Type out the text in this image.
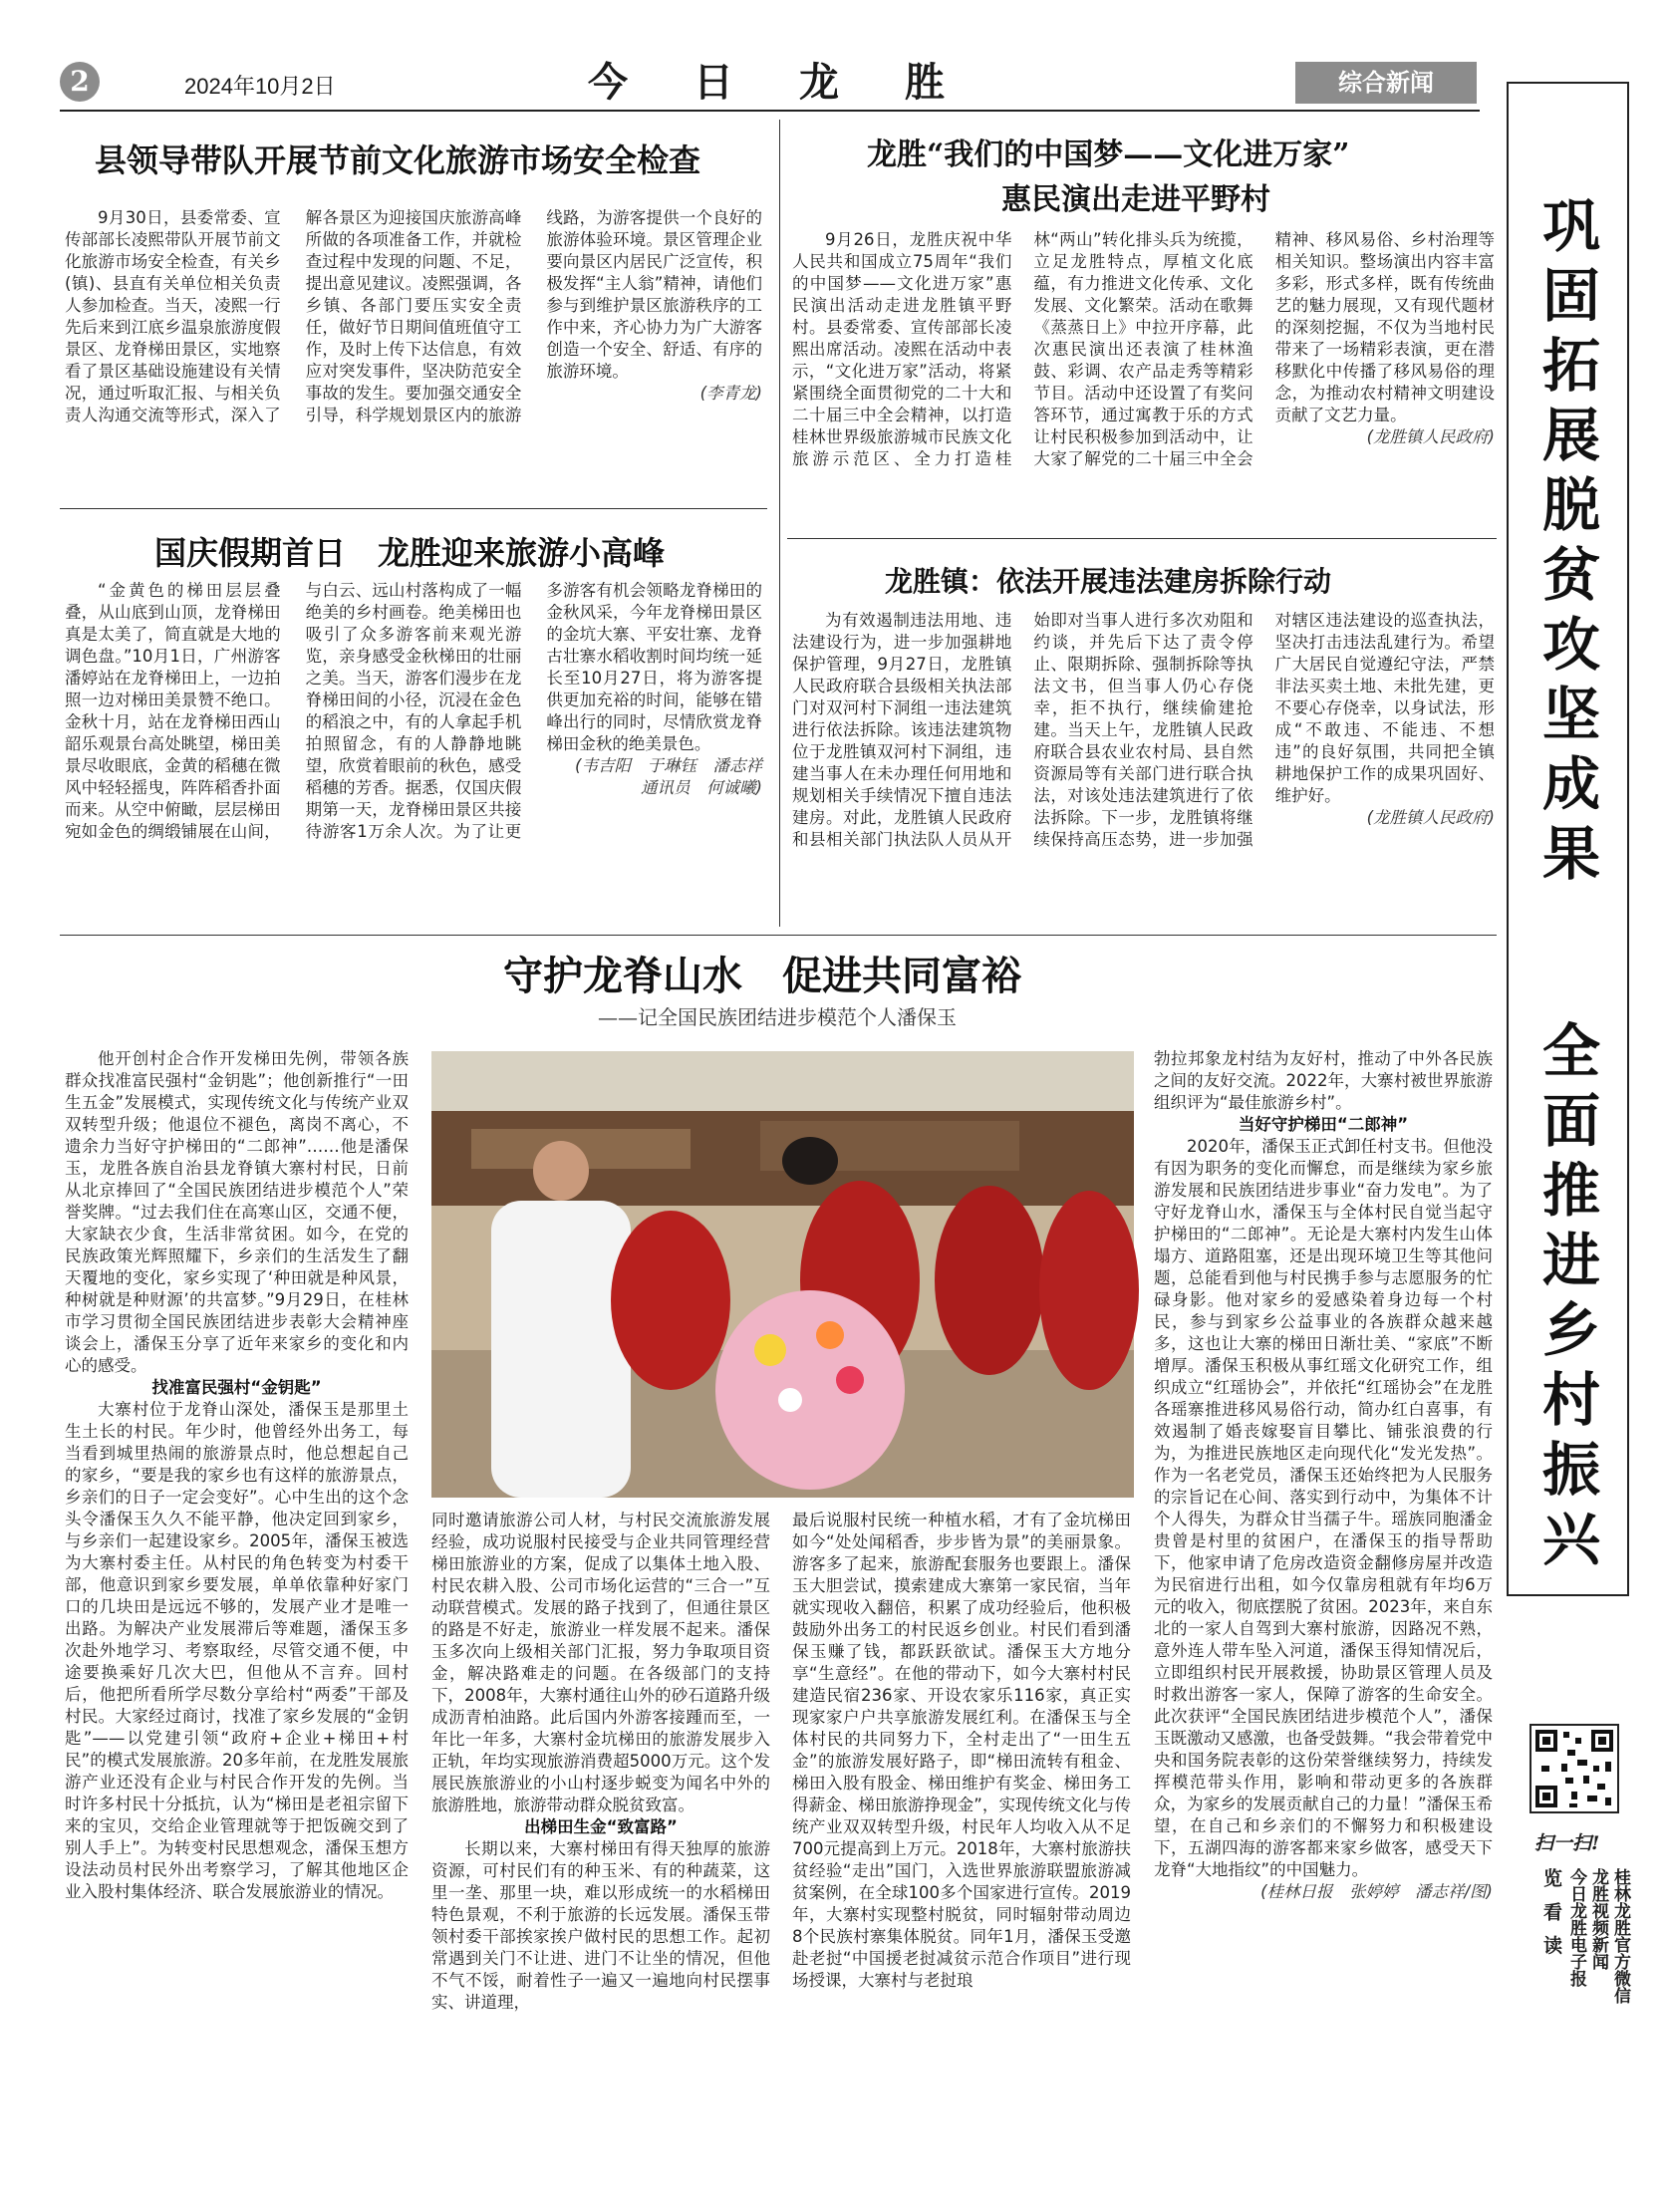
2	2024年10月2日	今 日 龙 胜	综合新闻
县领导带队开展节前文化旅游市场安全检查
9月30日，县委常委、宣传部部长凌熙带队开展节前文化旅游市场安全检查，有关乡(镇)、县直有关单位相关负责人参加检查。当天，凌熙一行先后来到江底乡温泉旅游度假景区、龙脊梯田景区，实地察看了景区基础设施建设有关情况，通过听取汇报、与相关负责人沟通交流等形式，深入了解各景区为迎接国庆旅游高峰所做的各项准备工作，并就检查过程中发现的问题、不足，提出意见建议。凌熙强调，各乡镇、各部门要压实安全责任，做好节日期间值班值守工作，及时上传下达信息，有效应对突发事件，坚决防范安全事故的发生。要加强交通安全引导，科学规划景区内的旅游线路，为游客提供一个良好的旅游体验环境。景区管理企业要向景区内居民广泛宣传，积极发挥“主人翁”精神，请他们参与到维护景区旅游秩序的工作中来，齐心协力为广大游客创造一个安全、舒适、有序的旅游环境。
(李青龙)
国庆假期首日　龙胜迎来旅游小高峰
“金黄色的梯田层层叠叠，从山底到山顶，龙脊梯田真是太美了，简直就是大地的调色盘。”10月1日，广州游客潘婷站在龙脊梯田上，一边拍照一边对梯田美景赞不绝口。金秋十月，站在龙脊梯田西山韶乐观景台高处眺望，梯田美景尽收眼底，金黄的稻穗在微风中轻轻摇曳，阵阵稻香扑面而来。从空中俯瞰，层层梯田宛如金色的绸缎铺展在山间，与白云、远山村落构成了一幅绝美的乡村画卷。绝美梯田也吸引了众多游客前来观光游览，亲身感受金秋梯田的壮丽之美。当天，游客们漫步在龙脊梯田间的小径，沉浸在金色的稻浪之中，有的人拿起手机拍照留念，有的人静静地眺望，欣赏着眼前的秋色，感受稻穗的芳香。据悉，仅国庆假期第一天，龙脊梯田景区共接待游客1万余人次。为了让更多游客有机会领略龙脊梯田的金秋风采，今年龙脊梯田景区的金坑大寨、平安壮寨、龙脊古壮寨水稻收割时间均统一延长至10月27日，将为游客提供更加充裕的时间，能够在错峰出行的同时，尽情欣赏龙脊梯田金秋的绝美景色。
(韦吉阳　于琳钰　潘志祥　通讯员　何诚曦)
龙胜“我们的中国梦——文化进万家”
惠民演出走进平野村
9月26日，龙胜庆祝中华人民共和国成立75周年“我们的中国梦——文化进万家”惠民演出活动走进龙胜镇平野村。县委常委、宣传部部长凌熙出席活动。凌熙在活动中表示，“文化进万家”活动，将紧紧围绕全面贯彻党的二十大和二十届三中全会精神，以打造桂林世界级旅游城市民族文化旅游示范区、全力打造桂林“两山”转化排头兵为统揽，立足龙胜特点，厚植文化底蕴，有力推进文化传承、文化发展、文化繁荣。活动在歌舞《蒸蒸日上》中拉开序幕，此次惠民演出还表演了桂林渔鼓、彩调、农产品走秀等精彩节目。活动中还设置了有奖问答环节，通过寓教于乐的方式让村民积极参加到活动中，让大家了解党的二十届三中全会精神、移风易俗、乡村治理等相关知识。整场演出内容丰富多彩，形式多样，既有传统曲艺的魅力展现，又有现代题材的深刻挖掘，不仅为当地村民带来了一场精彩表演，更在潜移默化中传播了移风易俗的理念，为推动农村精神文明建设贡献了文艺力量。
(龙胜镇人民政府)
龙胜镇：依法开展违法建房拆除行动
为有效遏制违法用地、违法建设行为，进一步加强耕地保护管理，9月27日，龙胜镇人民政府联合县级相关执法部门对双河村下洞组一违法建筑进行依法拆除。该违法建筑物位于龙胜镇双河村下洞组，违建当事人在未办理任何用地和规划相关手续情况下擅自违法建房。对此，龙胜镇人民政府和县相关部门执法队人员从开始即对当事人进行多次劝阻和约谈，并先后下达了责令停止、限期拆除、强制拆除等执法文书，但当事人仍心存侥幸，拒不执行，继续偷建抢建。当天上午，龙胜镇人民政府联合县农业农村局、县自然资源局等有关部门进行联合执法，对该处违法建筑进行了依法拆除。下一步，龙胜镇将继续保持高压态势，进一步加强对辖区违法建设的巡查执法，坚决打击违法乱建行为。希望广大居民自觉遵纪守法，严禁非法买卖土地、未批先建，更不要心存侥幸，以身试法，形成“不敢违、不能违、不想违”的良好氛围，共同把全镇耕地保护工作的成果巩固好、维护好。
(龙胜镇人民政府)
守护龙脊山水　促进共同富裕
——记全国民族团结进步模范个人潘保玉
他开创村企合作开发梯田先例，带领各族群众找准富民强村“金钥匙”；他创新推行“一田生五金”发展模式，实现传统文化与传统产业双双转型升级；他退位不褪色，离岗不离心，不遗余力当好守护梯田的“二郎神”……他是潘保玉，龙胜各族自治县龙脊镇大寨村村民，日前从北京捧回了“全国民族团结进步模范个人”荣誉奖牌。“过去我们住在高寒山区，交通不便，大家缺衣少食，生活非常贫困。如今，在党的民族政策光辉照耀下，乡亲们的生活发生了翻天覆地的变化，家乡实现了‘种田就是种风景，种树就是种财源’的共富梦。”9月29日，在桂林市学习贯彻全国民族团结进步表彰大会精神座谈会上，潘保玉分享了近年来家乡的变化和内心的感受。
找准富民强村“金钥匙”
大寨村位于龙脊山深处，潘保玉是那里土生土长的村民。年少时，他曾经外出务工，每当看到城里热闹的旅游景点时，他总想起自己的家乡，“要是我的家乡也有这样的旅游景点，乡亲们的日子一定会变好”。心中生出的这个念头令潘保玉久久不能平静，他决定回到家乡，与乡亲们一起建设家乡。2005年，潘保玉被选为大寨村委主任。从村民的角色转变为村委干部，他意识到家乡要发展，单单依靠种好家门口的几块田是远远不够的，发展产业才是唯一出路。为解决产业发展滞后等难题，潘保玉多次赴外地学习、考察取经，尽管交通不便，中途要换乘好几次大巴，但他从不言弃。回村后，他把所看所学尽数分享给村“两委”干部及村民。大家经过商讨，找准了家乡发展的“金钥匙”——以党建引领“政府+企业+梯田+村民”的模式发展旅游。20多年前，在龙胜发展旅游产业还没有企业与村民合作开发的先例。当时许多村民十分抵抗，认为“梯田是老祖宗留下来的宝贝，交给企业管理就等于把饭碗交到了别人手上”。为转变村民思想观念，潘保玉想方设法动员村民外出考察学习，了解其他地区企业入股村集体经济、联合发展旅游业的情况。
同时邀请旅游公司人材，与村民交流旅游发展经验，成功说服村民接受与企业共同管理经营梯田旅游业的方案，促成了以集体土地入股、村民农耕入股、公司市场化运营的“三合一”互动联营模式。发展的路子找到了，但通往景区的路是不好走，旅游业一样发展不起来。潘保玉多次向上级相关部门汇报，努力争取项目资金，解决路难走的问题。在各级部门的支持下，2008年，大寨村通往山外的砂石道路升级成沥青柏油路。此后国内外游客接踵而至，一年比一年多，大寨村金坑梯田的旅游发展步入正轨，年均实现旅游消费超5000万元。这个发展民族旅游业的小山村逐步蜕变为闻名中外的旅游胜地，旅游带动群众脱贫致富。
出梯田生金“致富路”
长期以来，大寨村梯田有得天独厚的旅游资源，可村民们有的种玉米、有的种蔬菜，这里一垄、那里一块，难以形成统一的水稻梯田特色景观，不利于旅游的长远发展。潘保玉带领村委干部挨家挨户做村民的思想工作。起初常遇到关门不让进、进门不让坐的情况，但他不气不馁，耐着性子一遍又一遍地向村民摆事实、讲道理，
最后说服村民统一种植水稻，才有了金坑梯田如今“处处闻稻香，步步皆为景”的美丽景象。游客多了起来，旅游配套服务也要跟上。潘保玉大胆尝试，摸索建成大寨第一家民宿，当年就实现收入翻倍，积累了成功经验后，他积极鼓励外出务工的村民返乡创业。村民们看到潘保玉赚了钱，都跃跃欲试。潘保玉大方地分享“生意经”。在他的带动下，如今大寨村村民建造民宿236家、开设农家乐116家，真正实现家家户户共享旅游发展红利。在潘保玉与全体村民的共同努力下，全村走出了“一田生五金”的旅游发展好路子，即“梯田流转有租金、梯田入股有股金、梯田维护有奖金、梯田务工得薪金、梯田旅游挣现金”，实现传统文化与传统产业双双转型升级，村民年人均收入从不足700元提高到上万元。2018年，大寨村旅游扶贫经验“走出”国门，入选世界旅游联盟旅游减贫案例，在全球100多个国家进行宣传。2019年，大寨村实现整村脱贫，同时辐射带动周边8个民族村寨集体脱贫。同年1月，潘保玉受邀赴老挝“中国援老挝减贫示范合作项目”进行现场授课，大寨村与老挝琅
勃拉邦象龙村结为友好村，推动了中外各民族之间的友好交流。2022年，大寨村被世界旅游组织评为“最佳旅游乡村”。
当好守护梯田“二郎神”
2020年，潘保玉正式卸任村支书。但他没有因为职务的变化而懈怠，而是继续为家乡旅游发展和民族团结进步事业“奋力发电”。为了守好龙脊山水，潘保玉与全体村民自觉当起守护梯田的“二郎神”。无论是大寨村内发生山体塌方、道路阻塞，还是出现环境卫生等其他问题，总能看到他与村民携手参与志愿服务的忙碌身影。他对家乡的爱感染着身边每一个村民，参与到家乡公益事业的各族群众越来越多，这也让大寨的梯田日渐壮美、“家底”不断增厚。潘保玉积极从事红瑶文化研究工作，组织成立“红瑶协会”，并依托“红瑶协会”在龙胜各瑶寨推进移风易俗行动，简办红白喜事，有效遏制了婚丧嫁娶盲目攀比、铺张浪费的行为，为推进民族地区走向现代化“发光发热”。作为一名老党员，潘保玉还始终把为人民服务的宗旨记在心间、落实到行动中，为集体不计个人得失，为群众甘当孺子牛。瑶族同胞潘金贵曾是村里的贫困户，在潘保玉的指导帮助下，他家申请了危房改造资金翻修房屋并改造为民宿进行出租，如今仅靠房租就有年均6万元的收入，彻底摆脱了贫困。2023年，来自东北的一家人自驾到大寨村旅游，因路况不熟，意外连人带车坠入河道，潘保玉得知情况后，立即组织村民开展救援，协助景区管理人员及时救出游客一家人，保障了游客的生命安全。此次获评“全国民族团结进步模范个人”，潘保玉既激动又感激，也备受鼓舞。“我会带着党中央和国务院表彰的这份荣誉继续努力，持续发挥模范带头作用，影响和带动更多的各族群众，为家乡的发展贡献自己的力量！”潘保玉希望，在自己和乡亲们的不懈努力和积极建设下，五湖四海的游客都来家乡做客，感受天下龙脊“大地指纹”的中国魅力。
(桂林日报　张婷婷　潘志祥/图)
巩固拓展脱贫攻坚成果
全面推进乡村振兴
扫一扫!
览 看 读 今日龙胜电子报 龙胜视频新闻 桂林龙胜官方微信
